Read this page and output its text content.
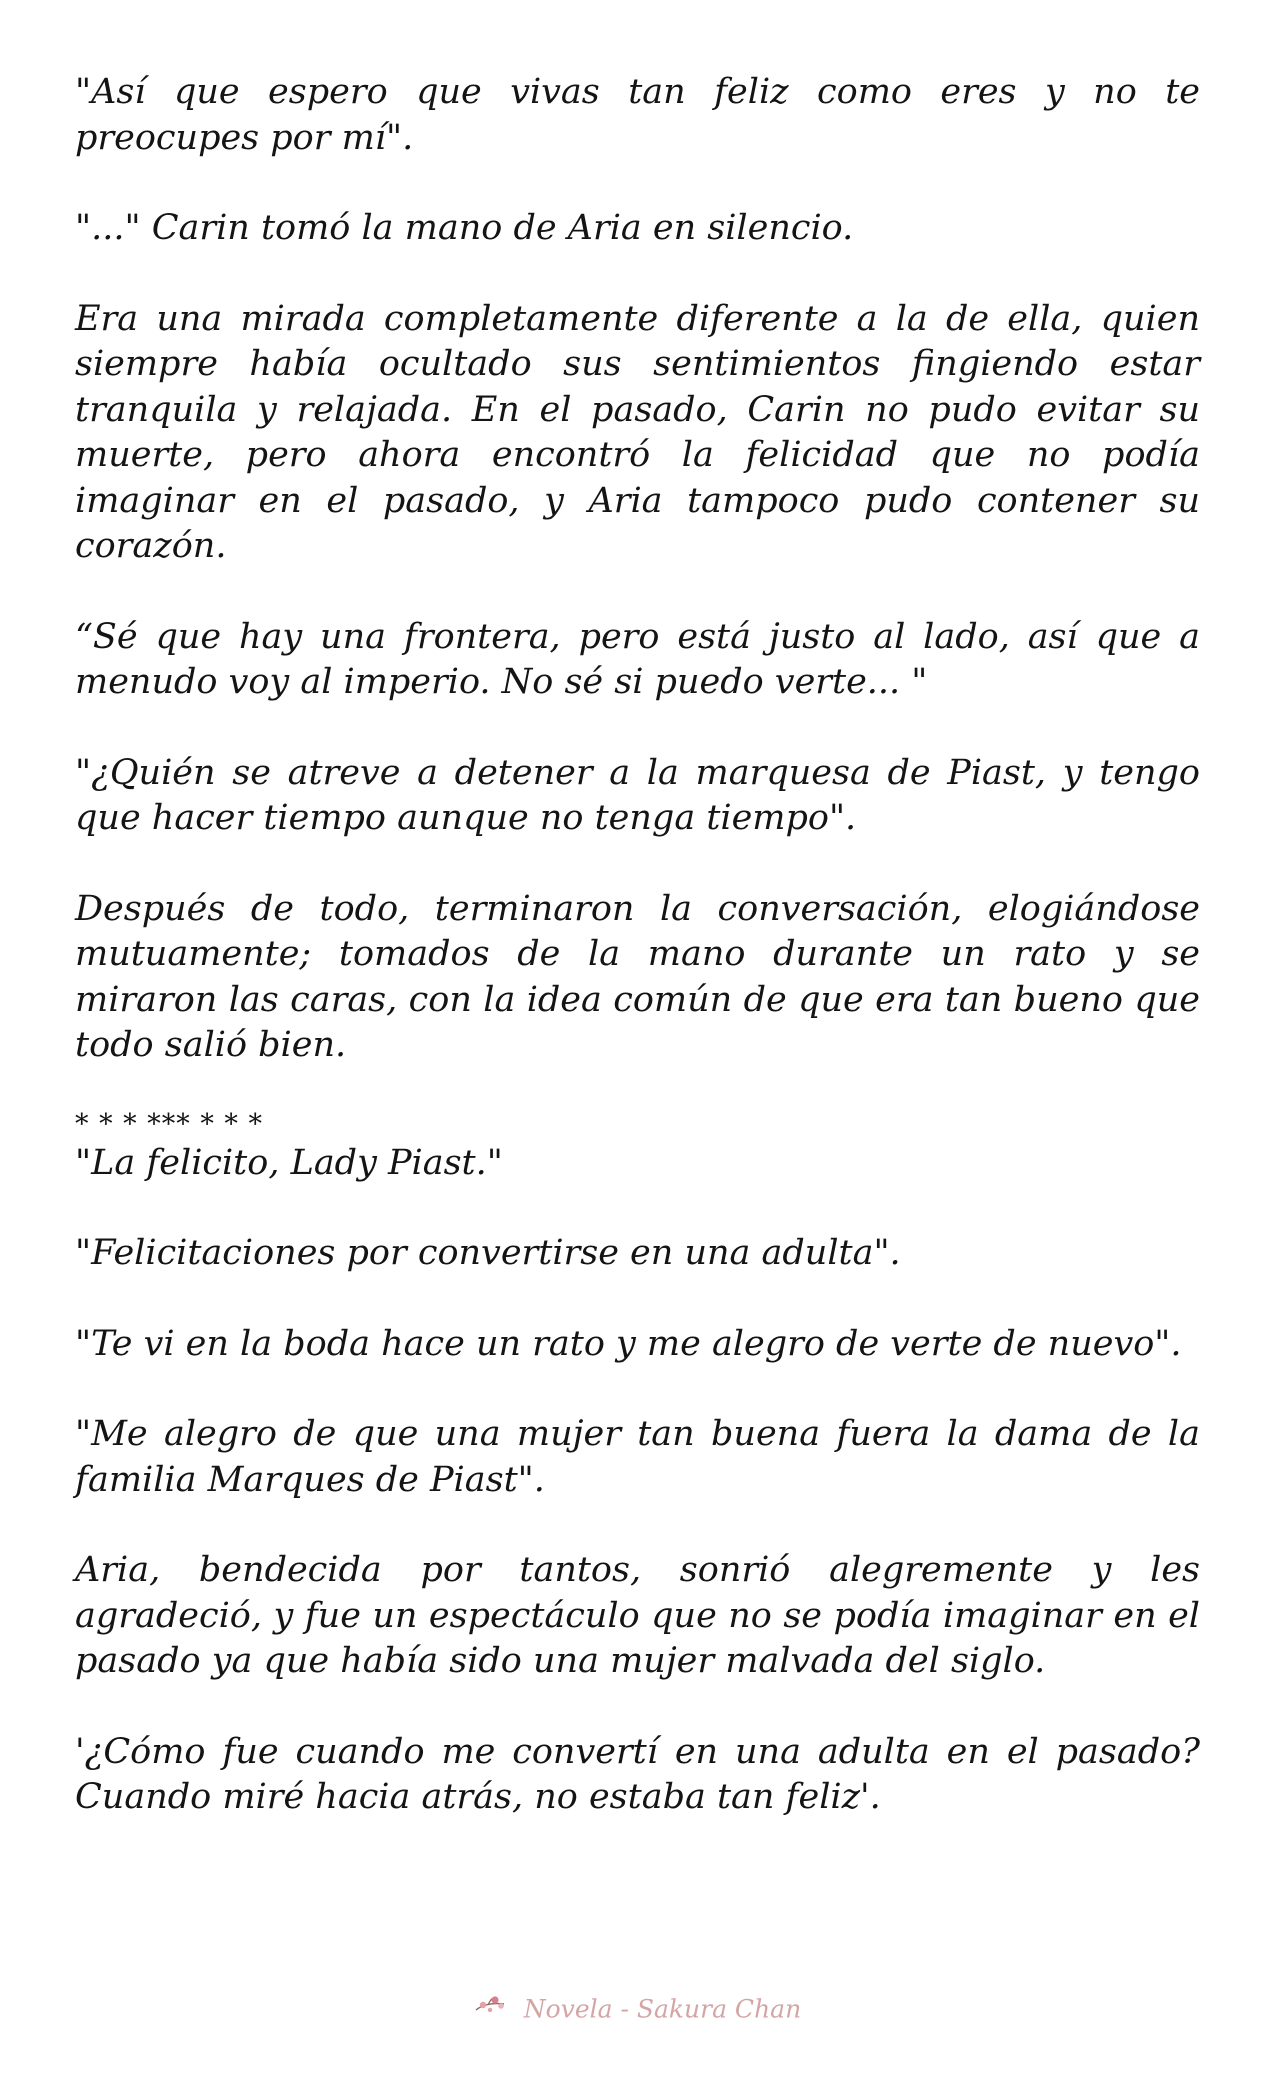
"Así que espero que vivas tan feliz como eres y no te preocupes por mí".

"..." Carin tomó la mano de Aria en silencio.

Era una mirada completamente diferente a la de ella, quien siempre había ocultado sus sentimientos fingiendo estar tranquila y relajada. En el pasado, Carin no pudo evitar su muerte, pero ahora encontró la felicidad que no podía imaginar en el pasado, y Aria tampoco pudo contener su corazón.

“Sé que hay una frontera, pero está justo al lado, así que a menudo voy al imperio. No sé si puedo verte... "

"¿Quién se atreve a detener a la marquesa de Piast, y tengo que hacer tiempo aunque no tenga tiempo".

Después de todo, terminaron la conversación, elogiándose mutuamente; tomados de la mano durante un rato y se miraron las caras, con la idea común de que era tan bueno que todo salió bien.

* * * *** * * *

"La felicito, Lady Piast."

"Felicitaciones por convertirse en una adulta".

"Te vi en la boda hace un rato y me alegro de verte de nuevo".

"Me alegro de que una mujer tan buena fuera la dama de la familia Marques de Piast".

Aria, bendecida por tantos, sonrió alegremente y les agradeció, y fue un espectáculo que no se podía imaginar en el pasado ya que había sido una mujer malvada del siglo.

'¿Cómo fue cuando me convertí en una adulta en el pasado? Cuando miré hacia atrás, no estaba tan feliz'.

Novela - Sakura Chan
